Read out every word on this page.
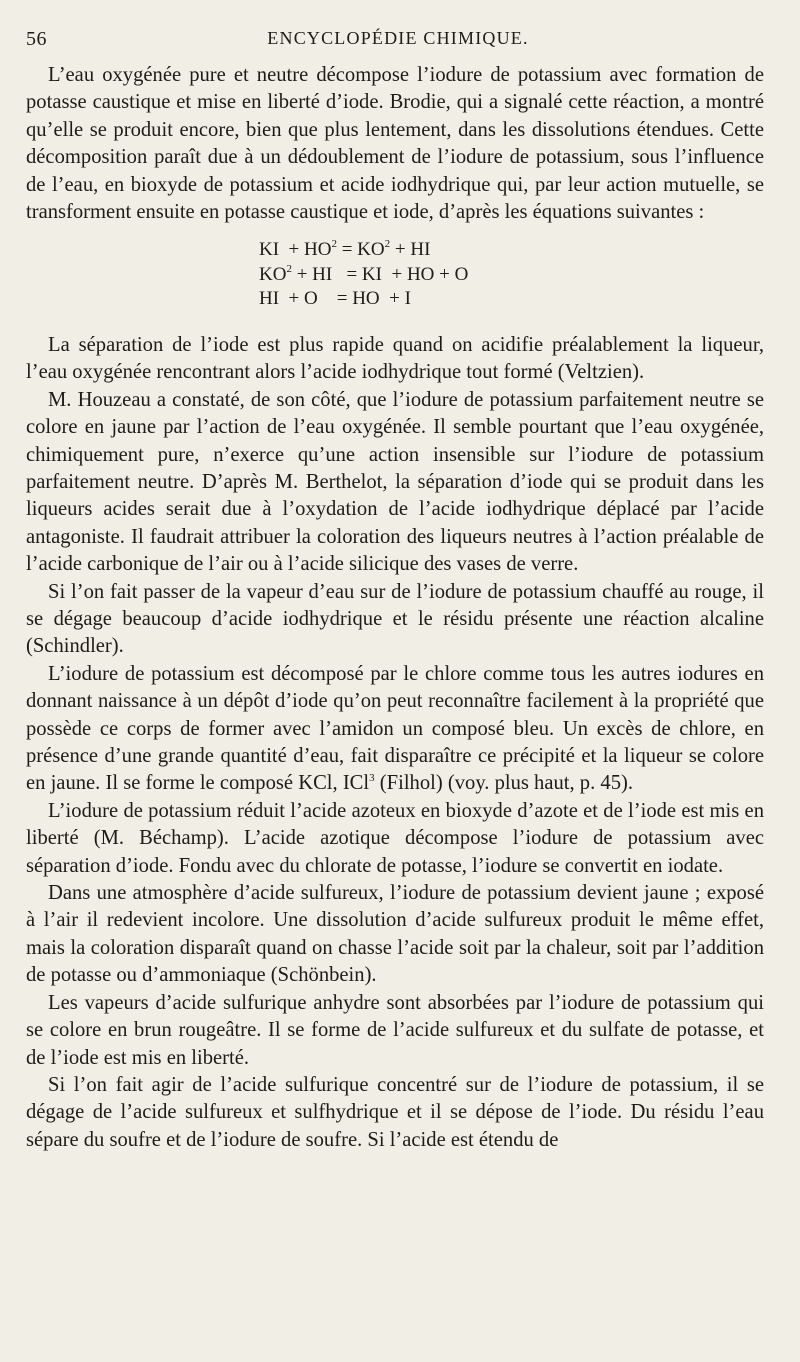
56	ENCYCLOPÉDIE CHIMIQUE.

L’eau oxygénée pure et neutre décompose l’iodure de potassium avec formation de potasse caustique et mise en liberté d’iode. Brodie, qui a signalé cette réaction, a montré qu’elle se produit encore, bien que plus lentement, dans les dissolutions étendues. Cette décomposition paraît due à un dédoublement de l’iodure de potassium, sous l’influence de l’eau, en bioxyde de potassium et acide iodhydrique qui, par leur action mutuelle, se transforment ensuite en potasse caustique et iode, d’après les équations suivantes :

KI  + $HO^2 = KO^2$ + HI
$KO^2$ + HI   = KI  + HO + O
HI  + O    = HO  + I

La séparation de l’iode est plus rapide quand on acidifie préalablement la liqueur, l’eau oxygénée rencontrant alors l’acide iodhydrique tout formé (Veltzien).

M. Houzeau a constaté, de son côté, que l’iodure de potassium parfaitement neutre se colore en jaune par l’action de l’eau oxygénée. Il semble pourtant que l’eau oxygénée, chimiquement pure, n’exerce qu’une action insensible sur l’iodure de potassium parfaitement neutre. D’après M. Berthelot, la séparation d’iode qui se produit dans les liqueurs acides serait due à l’oxydation de l’acide iodhydrique déplacé par l’acide antagoniste. Il faudrait attribuer la coloration des liqueurs neutres à l’action préalable de l’acide carbonique de l’air ou à l’acide silicique des vases de verre.

Si l’on fait passer de la vapeur d’eau sur de l’iodure de potassium chauffé au rouge, il se dégage beaucoup d’acide iodhydrique et le résidu présente une réaction alcaline (Schindler).

L’iodure de potassium est décomposé par le chlore comme tous les autres iodures en donnant naissance à un dépôt d’iode qu’on peut reconnaître facilement à la propriété que possède ce corps de former avec l’amidon un composé bleu. Un excès de chlore, en présence d’une grande quantité d’eau, fait disparaître ce précipité et la liqueur se colore en jaune. Il se forme le composé KCl, ICl$^3$ (Filhol) (voy. plus haut, p. 45).

L’iodure de potassium réduit l’acide azoteux en bioxyde d’azote et de l’iode est mis en liberté (M. Béchamp). L’acide azotique décompose l’iodure de potassium avec séparation d’iode. Fondu avec du chlorate de potasse, l’iodure se convertit en iodate.

Dans une atmosphère d’acide sulfureux, l’iodure de potassium devient jaune ; exposé à l’air il redevient incolore. Une dissolution d’acide sulfureux produit le même effet, mais la coloration disparaît quand on chasse l’acide soit par la chaleur, soit par l’addition de potasse ou d’ammoniaque (Schönbein).

Les vapeurs d’acide sulfurique anhydre sont absorbées par l’iodure de potassium qui se colore en brun rougeâtre. Il se forme de l’acide sulfureux et du sulfate de potasse, et de l’iode est mis en liberté.

Si l’on fait agir de l’acide sulfurique concentré sur de l’iodure de potassium, il se dégage de l’acide sulfureux et sulfhydrique et il se dépose de l’iode. Du résidu l’eau sépare du soufre et de l’iodure de soufre. Si l’acide est étendu de
